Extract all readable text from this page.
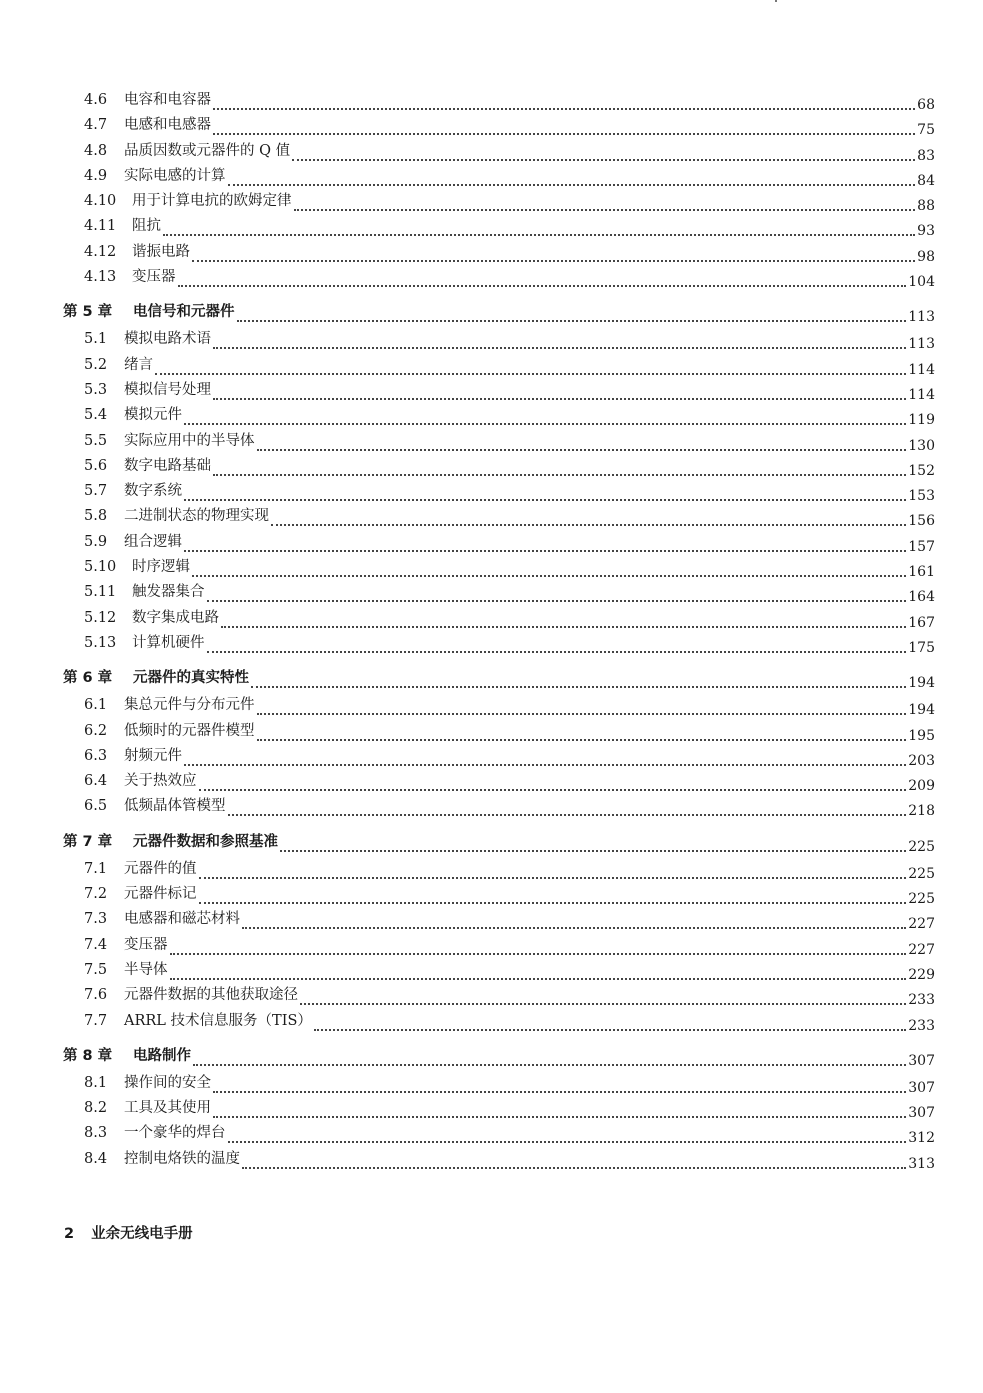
4.6	电容和电容器	68
4.7	电感和电感器	75
4.8	品质因数或元器件的 Q 值	83
4.9	实际电感的计算	84
4.10	用于计算电抗的欧姆定律	88
4.11	阻抗	93
4.12	谐振电路	98
4.13	变压器	104
第 5 章	电信号和元器件	113
5.1	模拟电路术语	113
5.2	绪言	114
5.3	模拟信号处理	114
5.4	模拟元件	119
5.5	实际应用中的半导体	130
5.6	数字电路基础	152
5.7	数字系统	153
5.8	二进制状态的物理实现	156
5.9	组合逻辑	157
5.10	时序逻辑	161
5.11	触发器集合	164
5.12	数字集成电路	167
5.13	计算机硬件	175
第 6 章	元器件的真实特性	194
6.1	集总元件与分布元件	194
6.2	低频时的元器件模型	195
6.3	射频元件	203
6.4	关于热效应	209
6.5	低频晶体管模型	218
第 7 章	元器件数据和参照基准	225
7.1	元器件的值	225
7.2	元器件标记	225
7.3	电感器和磁芯材料	227
7.4	变压器	227
7.5	半导体	229
7.6	元器件数据的其他获取途径	233
7.7	ARRL 技术信息服务（TIS）	233
第 8 章	电路制作	307
8.1	操作间的安全	307
8.2	工具及其使用	307
8.3	一个豪华的焊台	312
8.4	控制电烙铁的温度	313
2 业余无线电手册
